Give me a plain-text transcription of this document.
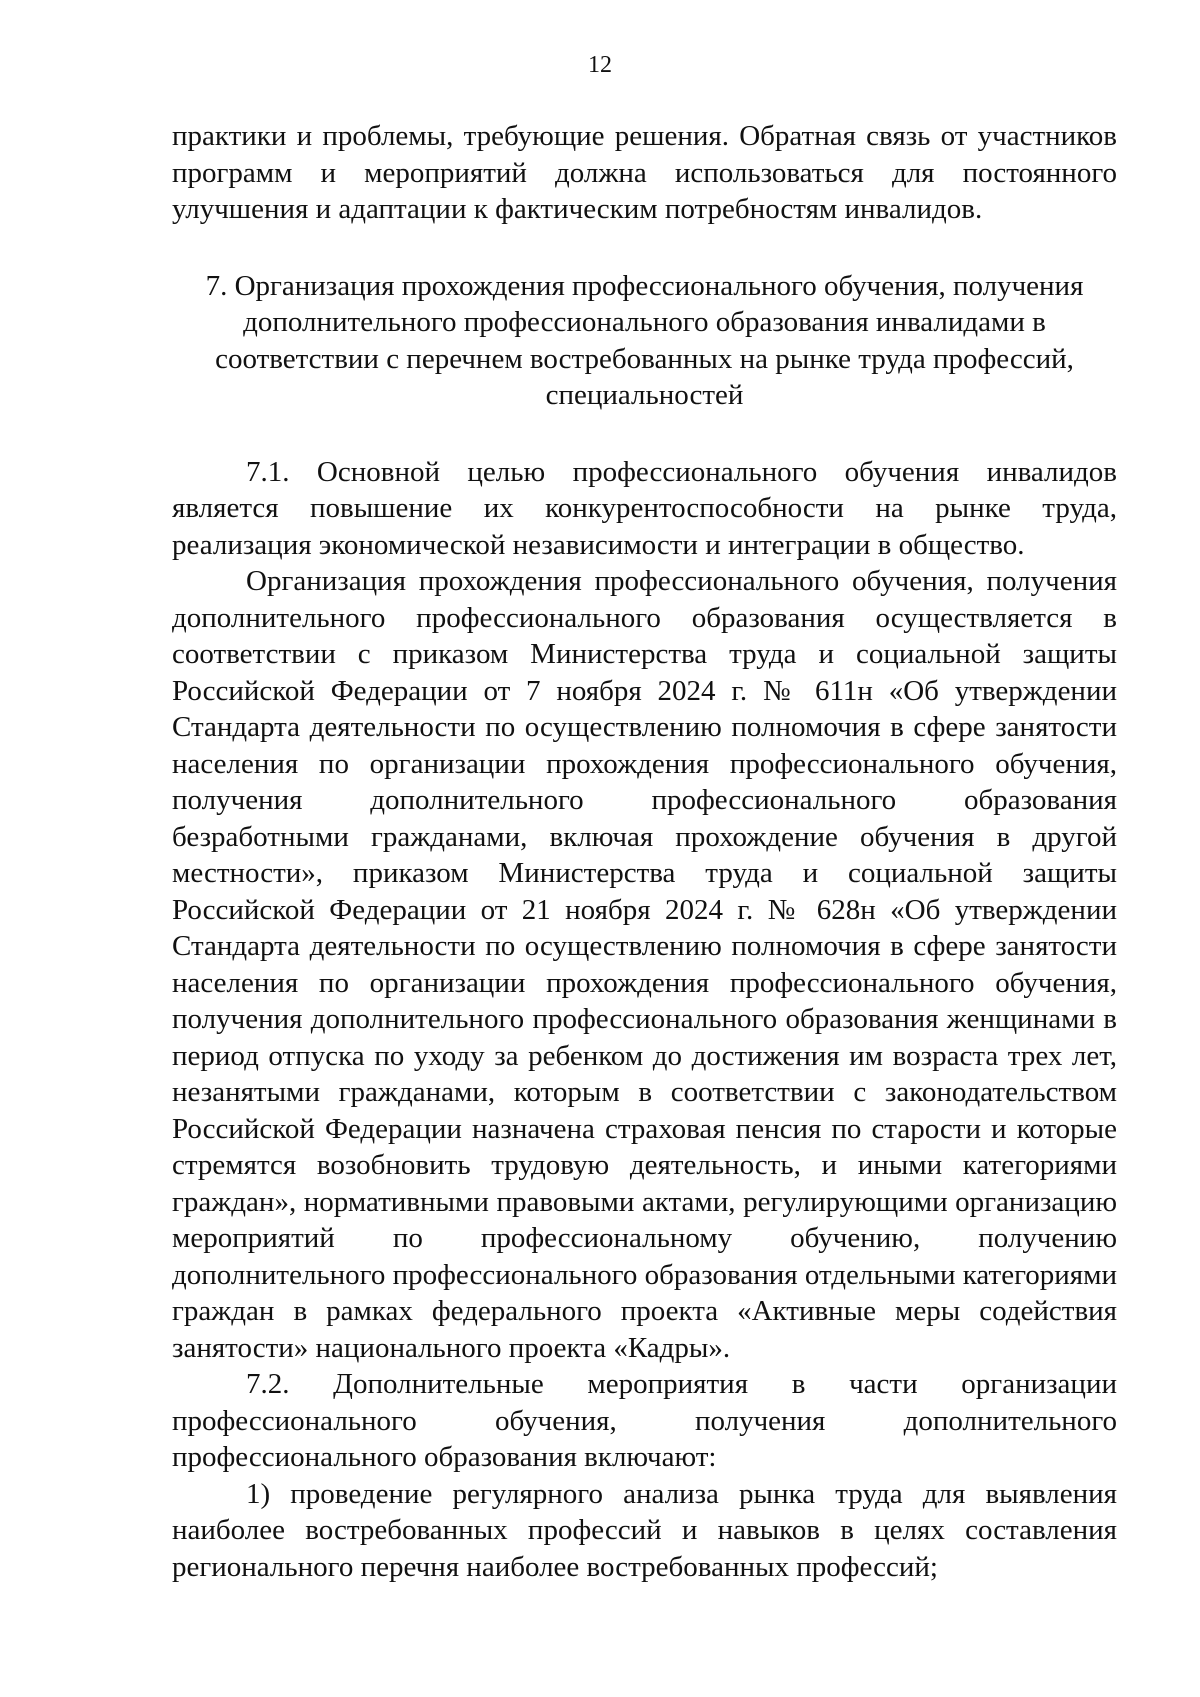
12

практики и проблемы, требующие решения. Обратная связь от участников программ и мероприятий должна использоваться для постоянного улучшения и адаптации к фактическим потребностям инвалидов.

7. Организация прохождения профессионального обучения, получения
дополнительного профессионального образования инвалидами в
соответствии с перечнем востребованных на рынке труда профессий,
специальностей

7.1. Основной целью профессионального обучения инвалидов является повышение их конкурентоспособности на рынке труда, реализация экономической независимости и интеграции в общество.

Организация прохождения профессионального обучения, получения дополнительного профессионального образования осуществляется в соответствии с приказом Министерства труда и социальной защиты Российской Федерации от 7 ноября 2024 г. № 611н «Об утверждении Стандарта деятельности по осуществлению полномочия в сфере занятости населения по организации прохождения профессионального обучения, получения дополнительного профессионального образования безработными гражданами, включая прохождение обучения в другой местности», приказом Министерства труда и социальной защиты Российской Федерации от 21 ноября 2024 г. № 628н «Об утверждении Стандарта деятельности по осуществлению полномочия в сфере занятости населения по организации прохождения профессионального обучения, получения дополнительного профессионального образования женщинами в период отпуска по уходу за ребенком до достижения им возраста трех лет, незанятыми гражданами, которым в соответствии с законодательством Российской Федерации назначена страховая пенсия по старости и которые стремятся возобновить трудовую деятельность, и иными категориями граждан», нормативными правовыми актами, регулирующими организацию мероприятий по профессиональному обучению, получению дополнительного профессионального образования отдельными категориями граждан в рамках федерального проекта «Активные меры содействия занятости» национального проекта «Кадры».

7.2. Дополнительные мероприятия в части организации профессионального обучения, получения дополнительного профессионального образования включают:

1) проведение регулярного анализа рынка труда для выявления наиболее востребованных профессий и навыков в целях составления регионального перечня наиболее востребованных профессий;
